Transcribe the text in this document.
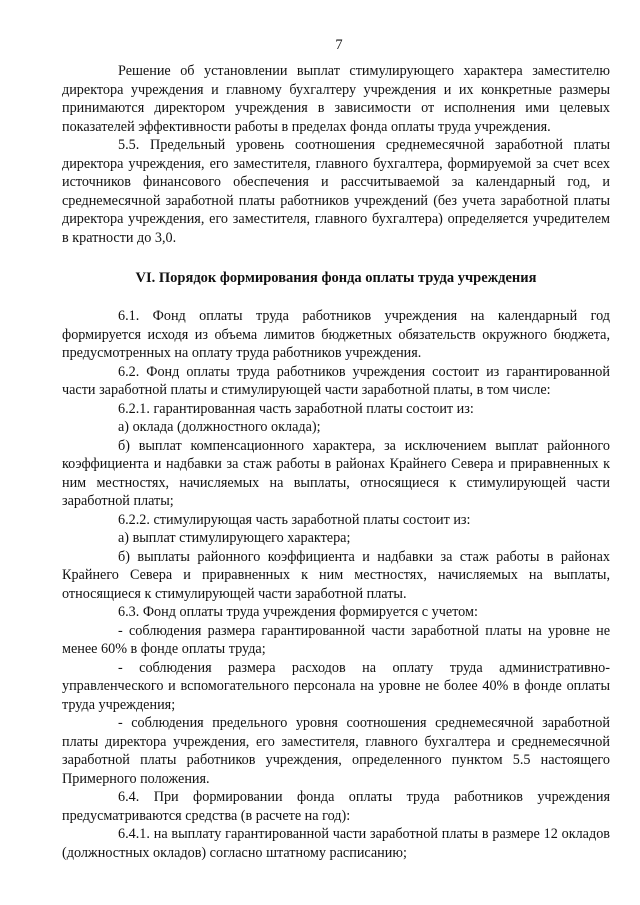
7

Решение об установлении выплат стимулирующего характера заместителю директора учреждения и главному бухгалтеру учреждения и их конкретные размеры принимаются директором учреждения в зависимости от исполнения ими целевых показателей эффективности работы в пределах фонда оплаты труда учреждения.

5.5. Предельный уровень соотношения среднемесячной заработной платы директора учреждения, его заместителя, главного бухгалтера, формируемой за счет всех источников финансового обеспечения и рассчитываемой за календарный год, и среднемесячной заработной платы работников учреждений (без учета заработной платы директора учреждения, его заместителя, главного бухгалтера) определяется учредителем в кратности до 3,0.

VI. Порядок формирования фонда оплаты труда учреждения

6.1. Фонд оплаты труда работников учреждения на календарный год формируется исходя из объема лимитов бюджетных обязательств окружного бюджета, предусмотренных на оплату труда работников учреждения.

6.2. Фонд оплаты труда работников учреждения состоит из гарантированной части заработной платы и стимулирующей части заработной платы, в том числе:

6.2.1. гарантированная часть заработной платы состоит из:

а) оклада (должностного оклада);

б) выплат компенсационного характера, за исключением выплат районного коэффициента и надбавки за стаж работы в районах Крайнего Севера и приравненных к ним местностях, начисляемых на выплаты, относящиеся к стимулирующей части заработной платы;

6.2.2. стимулирующая часть заработной платы состоит из:

а) выплат стимулирующего характера;

б) выплаты районного коэффициента и надбавки за стаж работы в районах Крайнего Севера и приравненных к ним местностях, начисляемых на выплаты, относящиеся к стимулирующей части заработной платы.

6.3. Фонд оплаты труда учреждения формируется с учетом:

- соблюдения размера гарантированной части заработной платы на уровне не менее 60% в фонде оплаты труда;

- соблюдения размера расходов на оплату труда административно-управленческого и вспомогательного персонала на уровне не более 40% в фонде оплаты труда учреждения;

- соблюдения предельного уровня соотношения среднемесячной заработной платы директора учреждения, его заместителя, главного бухгалтера и среднемесячной заработной платы работников учреждения, определенного пунктом 5.5 настоящего Примерного положения.

6.4. При формировании фонда оплаты труда работников учреждения предусматриваются средства (в расчете на год):

6.4.1. на выплату гарантированной части заработной платы в размере 12 окладов (должностных окладов) согласно штатному расписанию;
